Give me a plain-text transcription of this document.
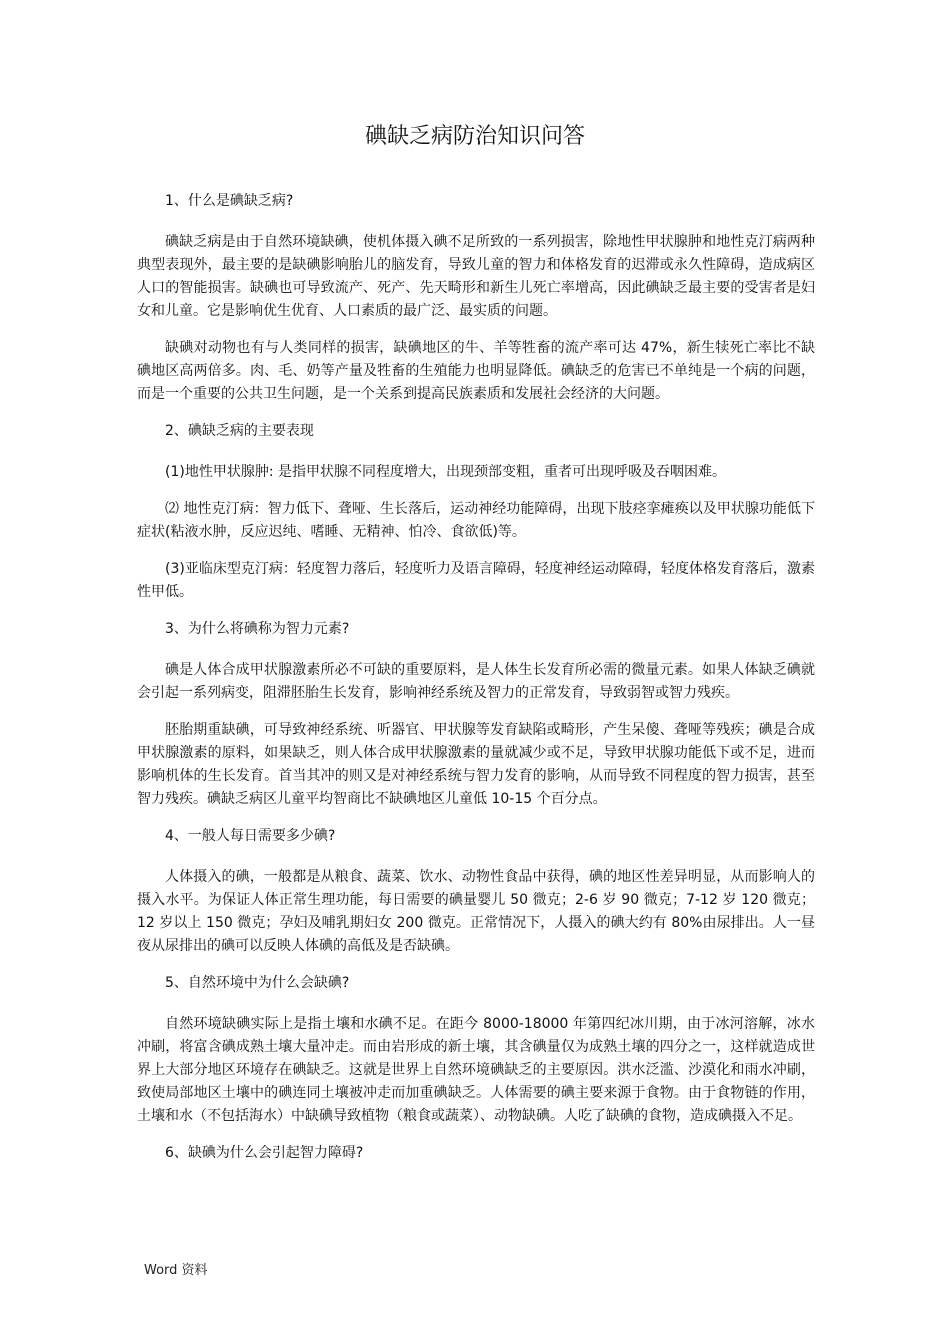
碘缺乏病防治知识问答

1、什么是碘缺乏病?

碘缺乏病是由于自然环境缺碘，使机体摄入碘不足所致的一系列损害，除地性甲状腺肿和地性克汀病两种典型表现外，最主要的是缺碘影响胎儿的脑发育，导致儿童的智力和体格发育的迟滞或永久性障碍，造成病区人口的智能损害。缺碘也可导致流产、死产、先天畸形和新生儿死亡率增高，因此碘缺乏最主要的受害者是妇女和儿童。它是影响优生优育、人口素质的最广泛、最实质的问题。

缺碘对动物也有与人类同样的损害，缺碘地区的牛、羊等牲畜的流产率可达 47%，新生犊死亡率比不缺碘地区高两倍多。肉、毛、奶等产量及牲畜的生殖能力也明显降低。碘缺乏的危害已不单纯是一个病的问题，而是一个重要的公共卫生问题，是一个关系到提高民族素质和发展社会经济的大问题。

2、碘缺乏病的主要表现

(1)地性甲状腺肿: 是指甲状腺不同程度增大，出现颈部变粗，重者可出现呼吸及吞咽困难。

⑵ 地性克汀病：智力低下、聋哑、生长落后，运动神经功能障碍，出现下肢痉挛瘫痪以及甲状腺功能低下症状(粘液水肿，反应迟纯、嗜睡、无精神、怕冷、食欲低)等。

(3)亚临床型克汀病：轻度智力落后，轻度听力及语言障碍，轻度神经运动障碍，轻度体格发育落后，激素性甲低。

3、为什么将碘称为智力元素?

碘是人体合成甲状腺激素所必不可缺的重要原料，是人体生长发育所必需的微量元素。如果人体缺乏碘就会引起一系列病变，阻滞胚胎生长发育，影响神经系统及智力的正常发育，导致弱智或智力残疾。

胚胎期重缺碘，可导致神经系统、听器官、甲状腺等发育缺陷或畸形，产生呆傻、聋哑等残疾；碘是合成甲状腺激素的原料，如果缺乏，则人体合成甲状腺激素的量就减少或不足，导致甲状腺功能低下或不足，进而影响机体的生长发育。首当其冲的则又是对神经系统与智力发育的影响，从而导致不同程度的智力损害，甚至智力残疾。碘缺乏病区儿童平均智商比不缺碘地区儿童低 10-15 个百分点。

4、一般人每日需要多少碘?

人体摄入的碘，一般都是从粮食、蔬菜、饮水、动物性食品中获得，碘的地区性差异明显，从而影响人的摄入水平。为保证人体正常生理功能，每日需要的碘量婴儿 50 微克；2-6 岁 90 微克；7-12 岁 120 微克；12 岁以上 150 微克；孕妇及哺乳期妇女 200 微克。正常情况下，人摄入的碘大约有 80%由尿排出。人一昼夜从尿排出的碘可以反映人体碘的高低及是否缺碘。

5、自然环境中为什么会缺碘?

自然环境缺碘实际上是指土壤和水碘不足。在距今 8000-18000 年第四纪冰川期，由于冰河溶解，冰水冲刷，将富含碘成熟土壤大量冲走。而由岩形成的新土壤，其含碘量仅为成熟土壤的四分之一，这样就造成世界上大部分地区环境存在碘缺乏。这就是世界上自然环境碘缺乏的主要原因。洪水泛滥、沙漠化和雨水冲刷，致使局部地区土壤中的碘连同土壤被冲走而加重碘缺乏。人体需要的碘主要来源于食物。由于食物链的作用，土壤和水（不包括海水）中缺碘导致植物（粮食或蔬菜）、动物缺碘。人吃了缺碘的食物，造成碘摄入不足。

6、缺碘为什么会引起智力障碍?

Word 资料
